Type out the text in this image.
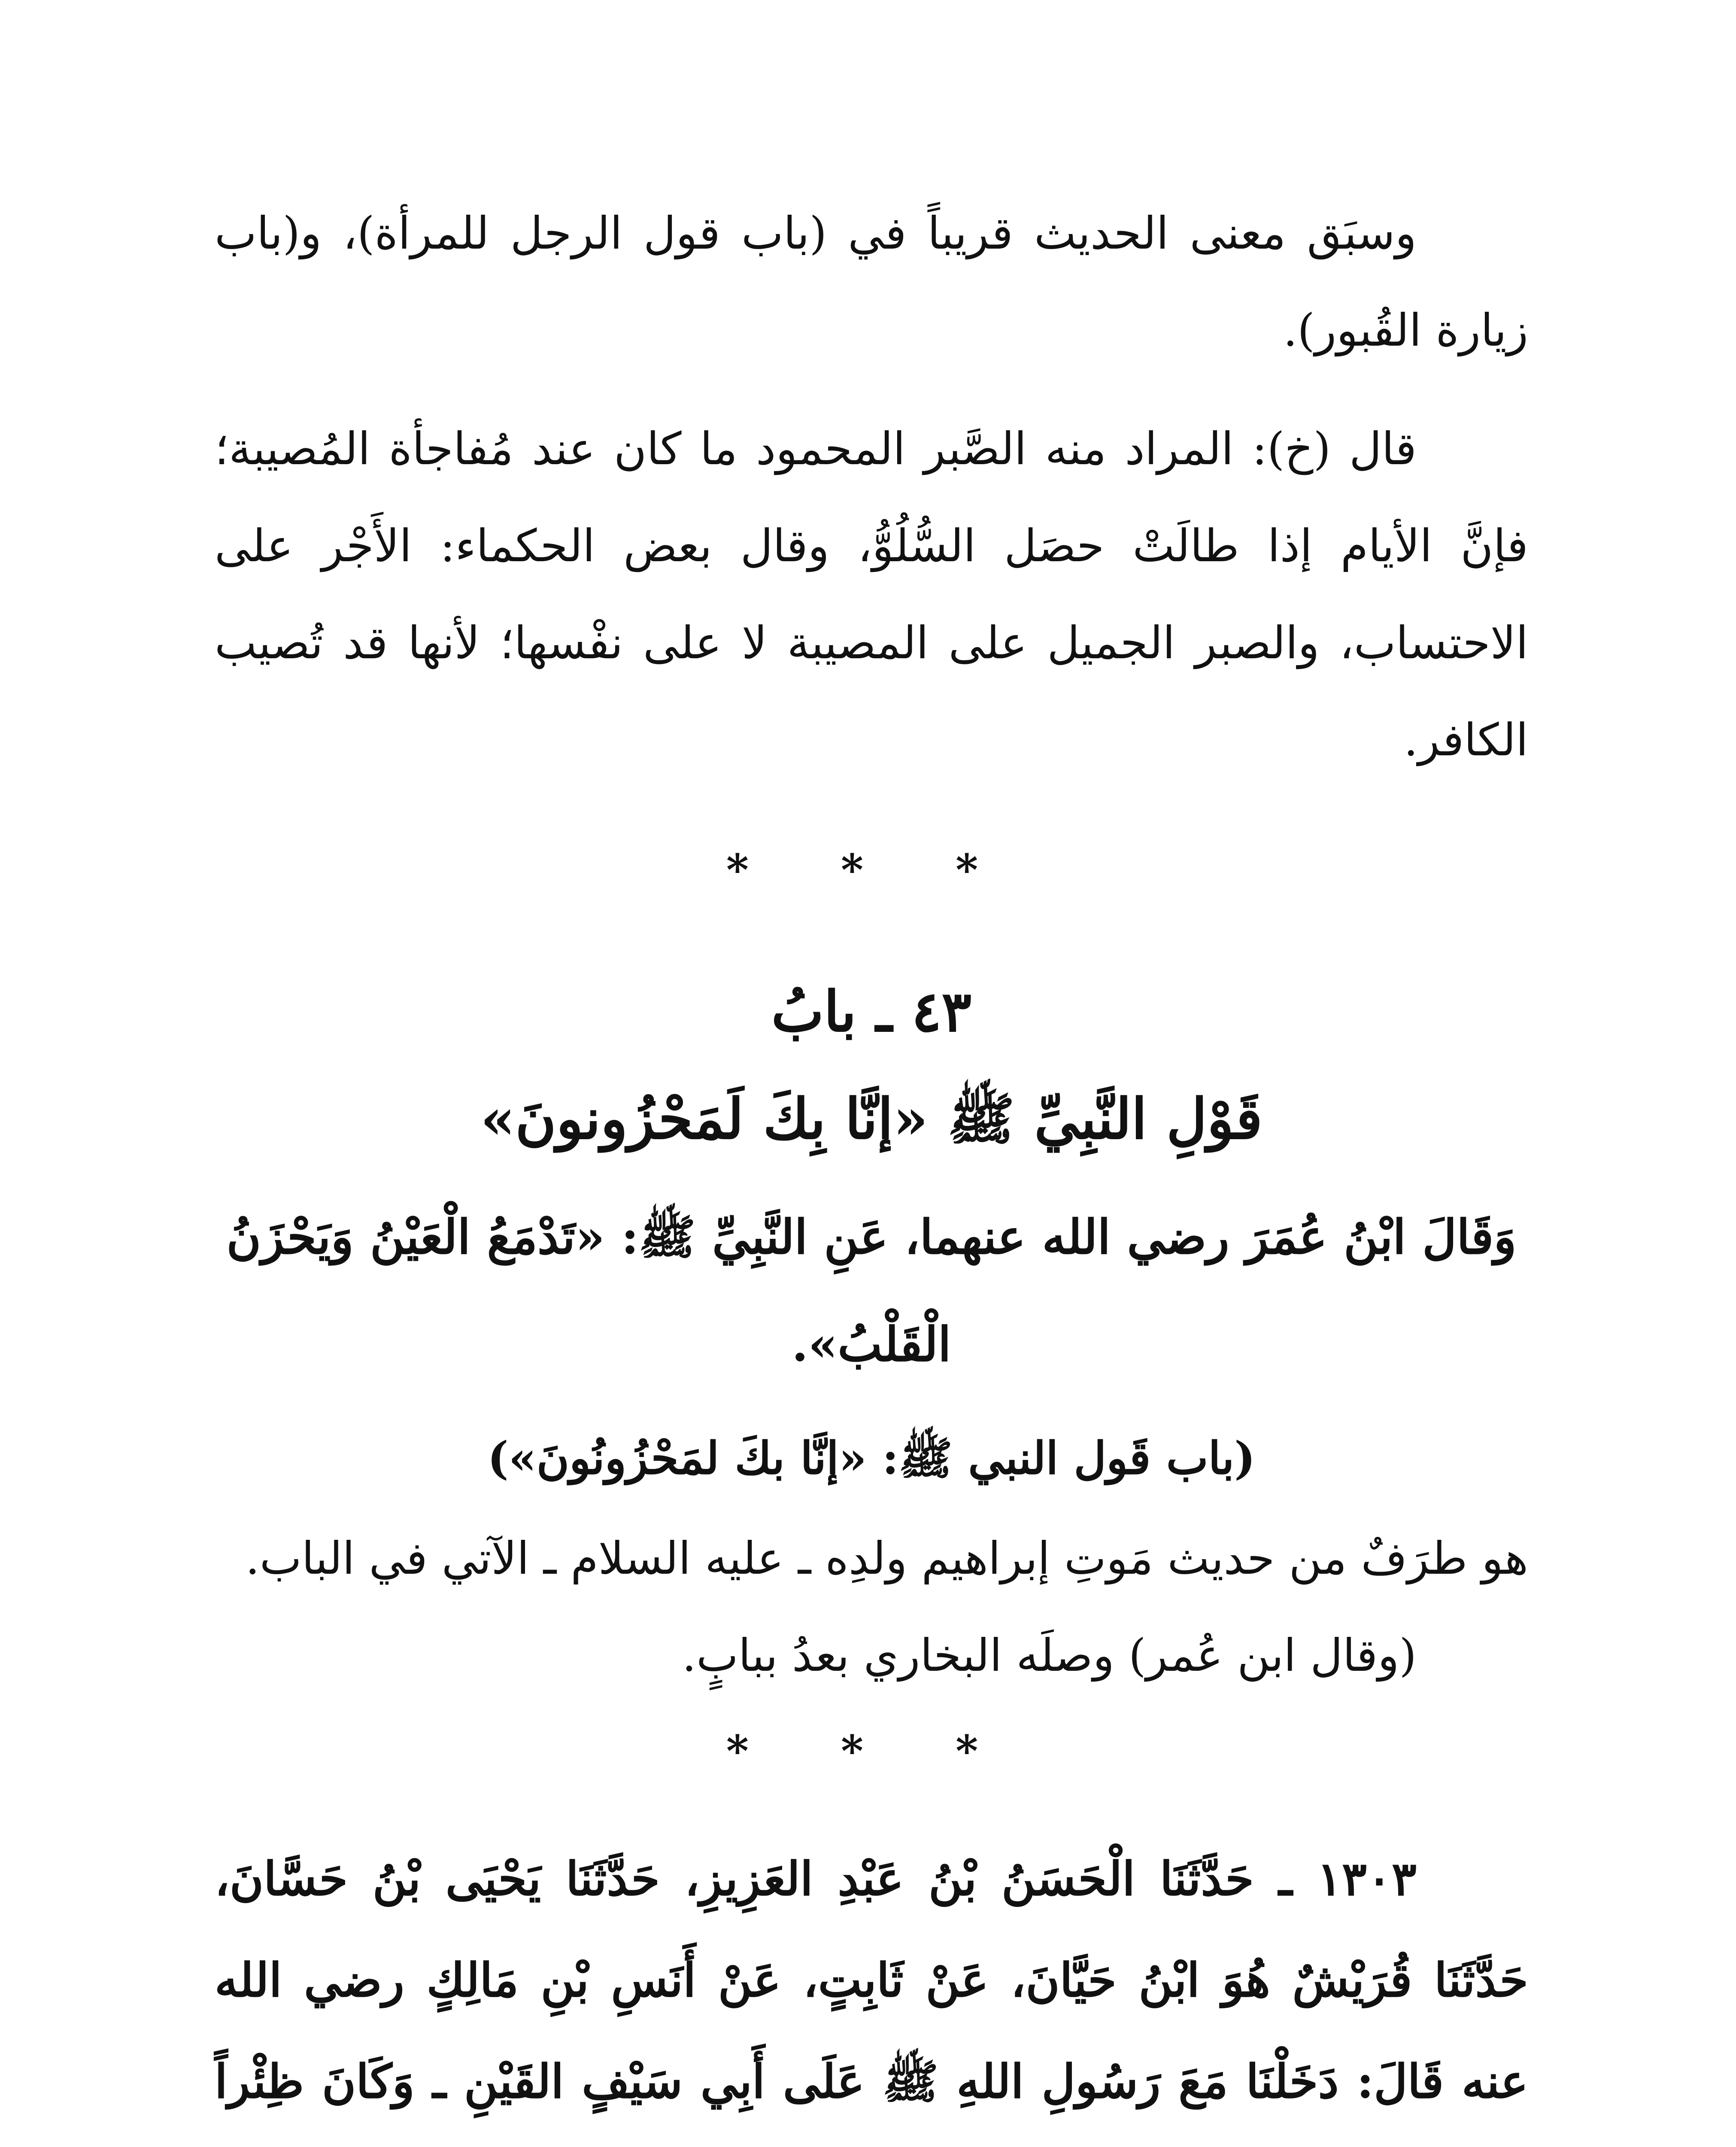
وسبَق معنى الحديث قريباً في (باب قول الرجل للمرأة)، و(باب زيارة القُبور).

قال (خ): المراد منه الصَّبر المحمود ما كان عند مُفاجأة المُصيبة؛ فإنَّ الأيام إذا طالَتْ حصَل السُّلُوُّ، وقال بعض الحكماء: الأَجْر على الاحتساب، والصبر الجميل على المصيبة لا على نفْسها؛ لأنها قد تُصيب الكافر.

* * *
٤٣ ـ بابُ
قَوْلِ النَّبِيِّ ﷺ «إنَّا بِكَ لَمَحْزُونونَ»
وَقَالَ ابْنُ عُمَرَ رضي الله عنهما، عَنِ النَّبِيِّ ﷺ: «تَدْمَعُ الْعَيْنُ وَيَحْزَنُ الْقَلْبُ».
(باب قَول النبي ﷺ: «إنَّا بكَ لمَحْزُونُونَ»)

هو طرَفٌ من حديث مَوتِ إبراهيم ولدِه ـ عليه السلام ـ الآتي في الباب.

(وقال ابن عُمر) وصلَه البخاري بعدُ ببابٍ.

* * *

١٣٠٣ ـ حَدَّثَنَا الْحَسَنُ بْنُ عَبْدِ العَزِيزِ، حَدَّثَنَا يَحْيَى بْنُ حَسَّانَ، حَدَّثَنَا قُرَيْشٌ هُوَ ابْنُ حَيَّانَ، عَنْ ثَابِتٍ، عَنْ أَنَسِ بْنِ مَالِكٍ رضي الله عنه قَالَ: دَخَلْنَا مَعَ رَسُولِ اللهِ ﷺ عَلَى أَبِي سَيْفٍ القَيْنِ ـ وَكَانَ ظِئْراً
